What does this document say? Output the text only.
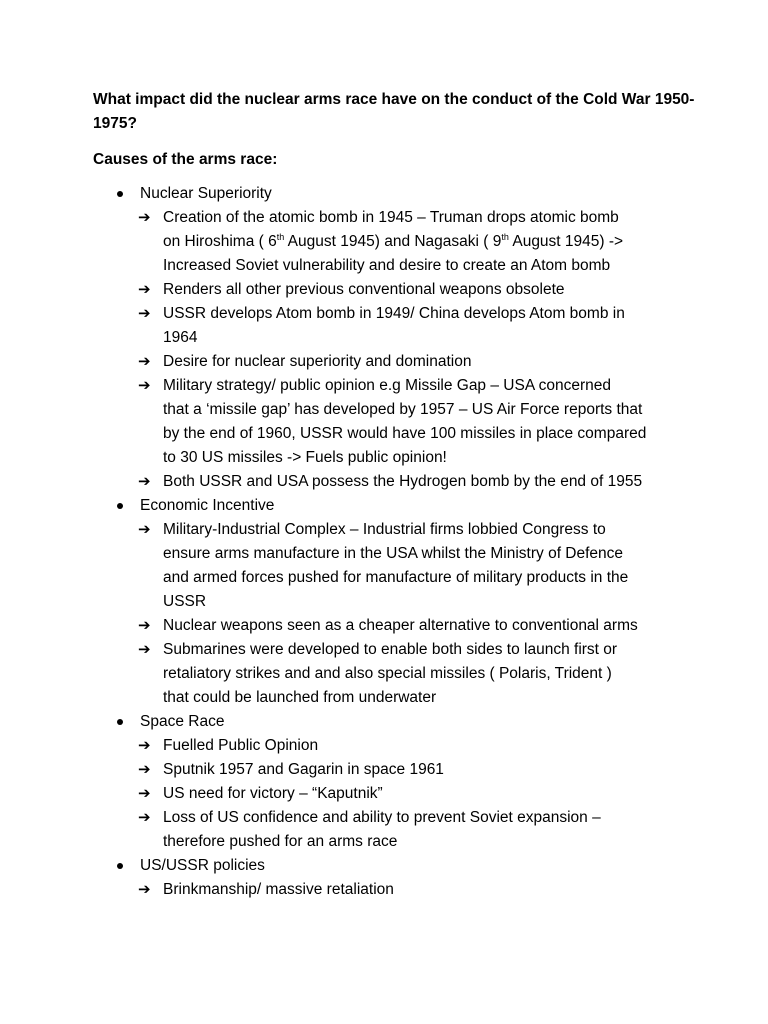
What impact did the nuclear arms race have on the conduct of the Cold War 1950-1975?

Causes of the arms race:

Nuclear Superiority
➔ Creation of the atomic bomb in 1945 – Truman drops atomic bomb
on Hiroshima ( 6th August 1945) and Nagasaki ( 9th August 1945) ->
Increased Soviet vulnerability and desire to create an Atom bomb
➔ Renders all other previous conventional weapons obsolete
➔ USSR develops Atom bomb in 1949/ China develops Atom bomb in
1964
➔ Desire for nuclear superiority and domination
➔ Military strategy/ public opinion e.g Missile Gap – USA concerned
that a ‘missile gap’ has developed by 1957 – US Air Force reports that
by the end of 1960, USSR would have 100 missiles in place compared
to 30 US missiles -> Fuels public opinion!
➔ Both USSR and USA possess the Hydrogen bomb by the end of 1955
Economic Incentive
➔ Military-Industrial Complex – Industrial firms lobbied Congress to
ensure arms manufacture in the USA whilst the Ministry of Defence
and armed forces pushed for manufacture of military products in the
USSR
➔ Nuclear weapons seen as a cheaper alternative to conventional arms
➔ Submarines were developed to enable both sides to launch first or
retaliatory strikes and and also special missiles ( Polaris, Trident )
that could be launched from underwater
Space Race
➔ Fuelled Public Opinion
➔ Sputnik 1957 and Gagarin in space 1961
➔ US need for victory – “Kaputnik”
➔ Loss of US confidence and ability to prevent Soviet expansion –
therefore pushed for an arms race
US/USSR policies
➔ Brinkmanship/ massive retaliation
